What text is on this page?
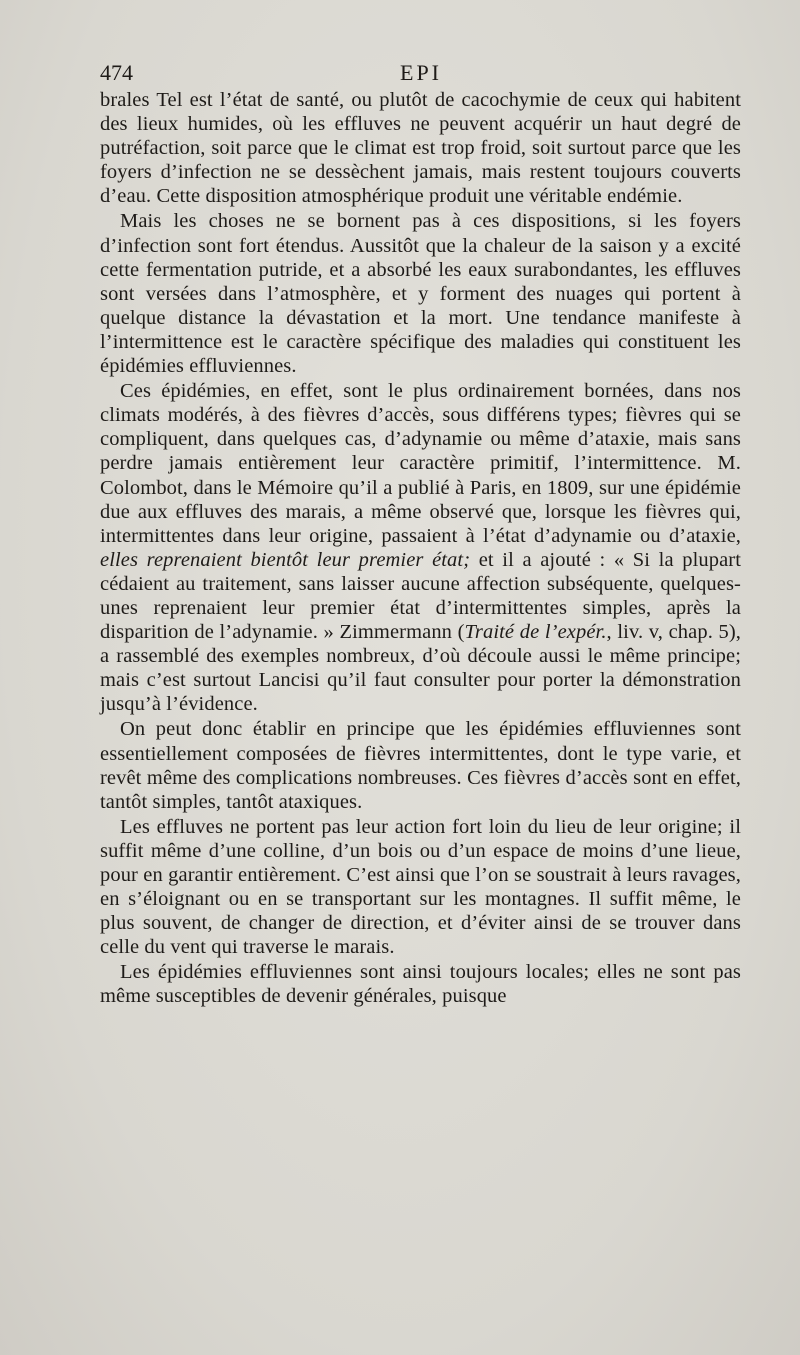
474	EPI

brales Tel est l’état de santé, ou plutôt de cacochymie de ceux qui habitent des lieux humides, où les effluves ne peuvent acquérir un haut degré de putréfaction, soit parce que le climat est trop froid, soit surtout parce que les foyers d’infection ne se dessèchent jamais, mais restent toujours couverts d’eau. Cette disposition atmosphérique produit une véritable endémie.

Mais les choses ne se bornent pas à ces dispositions, si les foyers d’infection sont fort étendus. Aussitôt que la chaleur de la saison y a excité cette fermentation putride, et a absorbé les eaux surabondantes, les effluves sont versées dans l’atmosphère, et y forment des nuages qui portent à quelque distance la dévastation et la mort. Une tendance manifeste à l’intermittence est le caractère spécifique des maladies qui constituent les épidémies effluviennes.

Ces épidémies, en effet, sont le plus ordinairement bornées, dans nos climats modérés, à des fièvres d’accès, sous différens types; fièvres qui se compliquent, dans quelques cas, d’adynamie ou même d’ataxie, mais sans perdre jamais entièrement leur caractère primitif, l’intermittence. M. Colombot, dans le Mémoire qu’il a publié à Paris, en 1809, sur une épidémie due aux effluves des marais, a même observé que, lorsque les fièvres qui, intermittentes dans leur origine, passaient à l’état d’adynamie ou d’ataxie, elles reprenaient bientôt leur premier état; et il a ajouté : « Si la plupart cédaient au traitement, sans laisser aucune affection subséquente, quelques-unes reprenaient leur premier état d’intermittentes simples, après la disparition de l’adynamie. » Zimmermann (Traité de l’expér., liv. v, chap. 5), a rassemblé des exemples nombreux, d’où découle aussi le même principe; mais c’est surtout Lancisi qu’il faut consulter pour porter la démonstration jusqu’à l’évidence.

On peut donc établir en principe que les épidémies effluviennes sont essentiellement composées de fièvres intermittentes, dont le type varie, et revêt même des complications nombreuses. Ces fièvres d’accès sont en effet, tantôt simples, tantôt ataxiques.

Les effluves ne portent pas leur action fort loin du lieu de leur origine; il suffit même d’une colline, d’un bois ou d’un espace de moins d’une lieue, pour en garantir entièrement. C’est ainsi que l’on se soustrait à leurs ravages, en s’éloignant ou en se transportant sur les montagnes. Il suffit même, le plus souvent, de changer de direction, et d’éviter ainsi de se trouver dans celle du vent qui traverse le marais.

Les épidémies effluviennes sont ainsi toujours locales; elles ne sont pas même susceptibles de devenir générales, puisque
